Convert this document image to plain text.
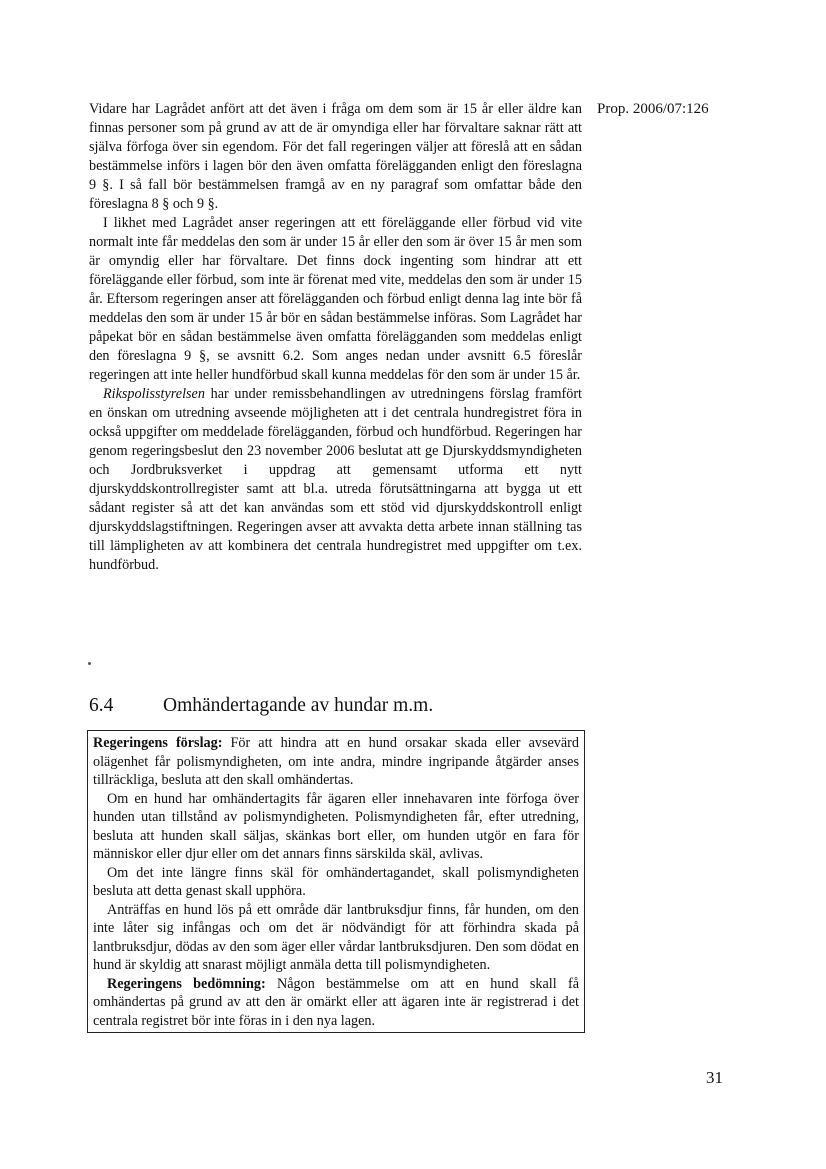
Prop. 2006/07:126

Vidare har Lagrådet anfört att det även i fråga om dem som är 15 år eller äldre kan finnas personer som på grund av att de är omyndiga eller har förvaltare saknar rätt att själva förfoga över sin egendom. För det fall regeringen väljer att föreslå att en sådan bestämmelse införs i lagen bör den även omfatta förelägganden enligt den föreslagna 9 §. I så fall bör bestämmelsen framgå av en ny paragraf som omfattar både den föreslagna 8 § och 9 §.

I likhet med Lagrådet anser regeringen att ett föreläggande eller förbud vid vite normalt inte får meddelas den som är under 15 år eller den som är över 15 år men som är omyndig eller har förvaltare. Det finns dock ingenting som hindrar att ett föreläggande eller förbud, som inte är förenat med vite, meddelas den som är under 15 år. Eftersom regeringen anser att förelägganden och förbud enligt denna lag inte bör få meddelas den som är under 15 år bör en sådan bestämmelse införas. Som Lagrådet har påpekat bör en sådan bestämmelse även omfatta förelägganden som meddelas enligt den föreslagna 9 §, se avsnitt 6.2. Som anges nedan under avsnitt 6.5 föreslår regeringen att inte heller hundförbud skall kunna meddelas för den som är under 15 år.

Rikspolisstyrelsen har under remissbehandlingen av utredningens förslag framfört en önskan om utredning avseende möjligheten att i det centrala hundregistret föra in också uppgifter om meddelade förelägganden, förbud och hundförbud. Regeringen har genom regeringsbeslut den 23 november 2006 beslutat att ge Djurskyddsmyndigheten och Jordbruksverket i uppdrag att gemensamt utforma ett nytt djurskyddskontrollregister samt att bl.a. utreda förutsättningarna att bygga ut ett sådant register så att det kan användas som ett stöd vid djurskyddskontroll enligt djurskyddslagstiftningen. Regeringen avser att avvakta detta arbete innan ställning tas till lämpligheten av att kombinera det centrala hundregistret med uppgifter om t.ex. hundförbud.

6.4	Omhändertagande av hundar m.m.

Regeringens förslag: För att hindra att en hund orsakar skada eller avsevärd olägenhet får polismyndigheten, om inte andra, mindre ingripande åtgärder anses tillräckliga, besluta att den skall omhändertas.

Om en hund har omhändertagits får ägaren eller innehavaren inte förfoga över hunden utan tillstånd av polismyndigheten. Polismyndigheten får, efter utredning, besluta att hunden skall säljas, skänkas bort eller, om hunden utgör en fara för människor eller djur eller om det annars finns särskilda skäl, avlivas.

Om det inte längre finns skäl för omhändertagandet, skall polismyndigheten besluta att detta genast skall upphöra.

Anträffas en hund lös på ett område där lantbruksdjur finns, får hunden, om den inte låter sig infångas och om det är nödvändigt för att förhindra skada på lantbruksdjur, dödas av den som äger eller vårdar lantbruksdjuren. Den som dödat en hund är skyldig att snarast möjligt anmäla detta till polismyndigheten.

Regeringens bedömning: Någon bestämmelse om att en hund skall få omhändertas på grund av att den är omärkt eller att ägaren inte är registrerad i det centrala registret bör inte föras in i den nya lagen.

31
